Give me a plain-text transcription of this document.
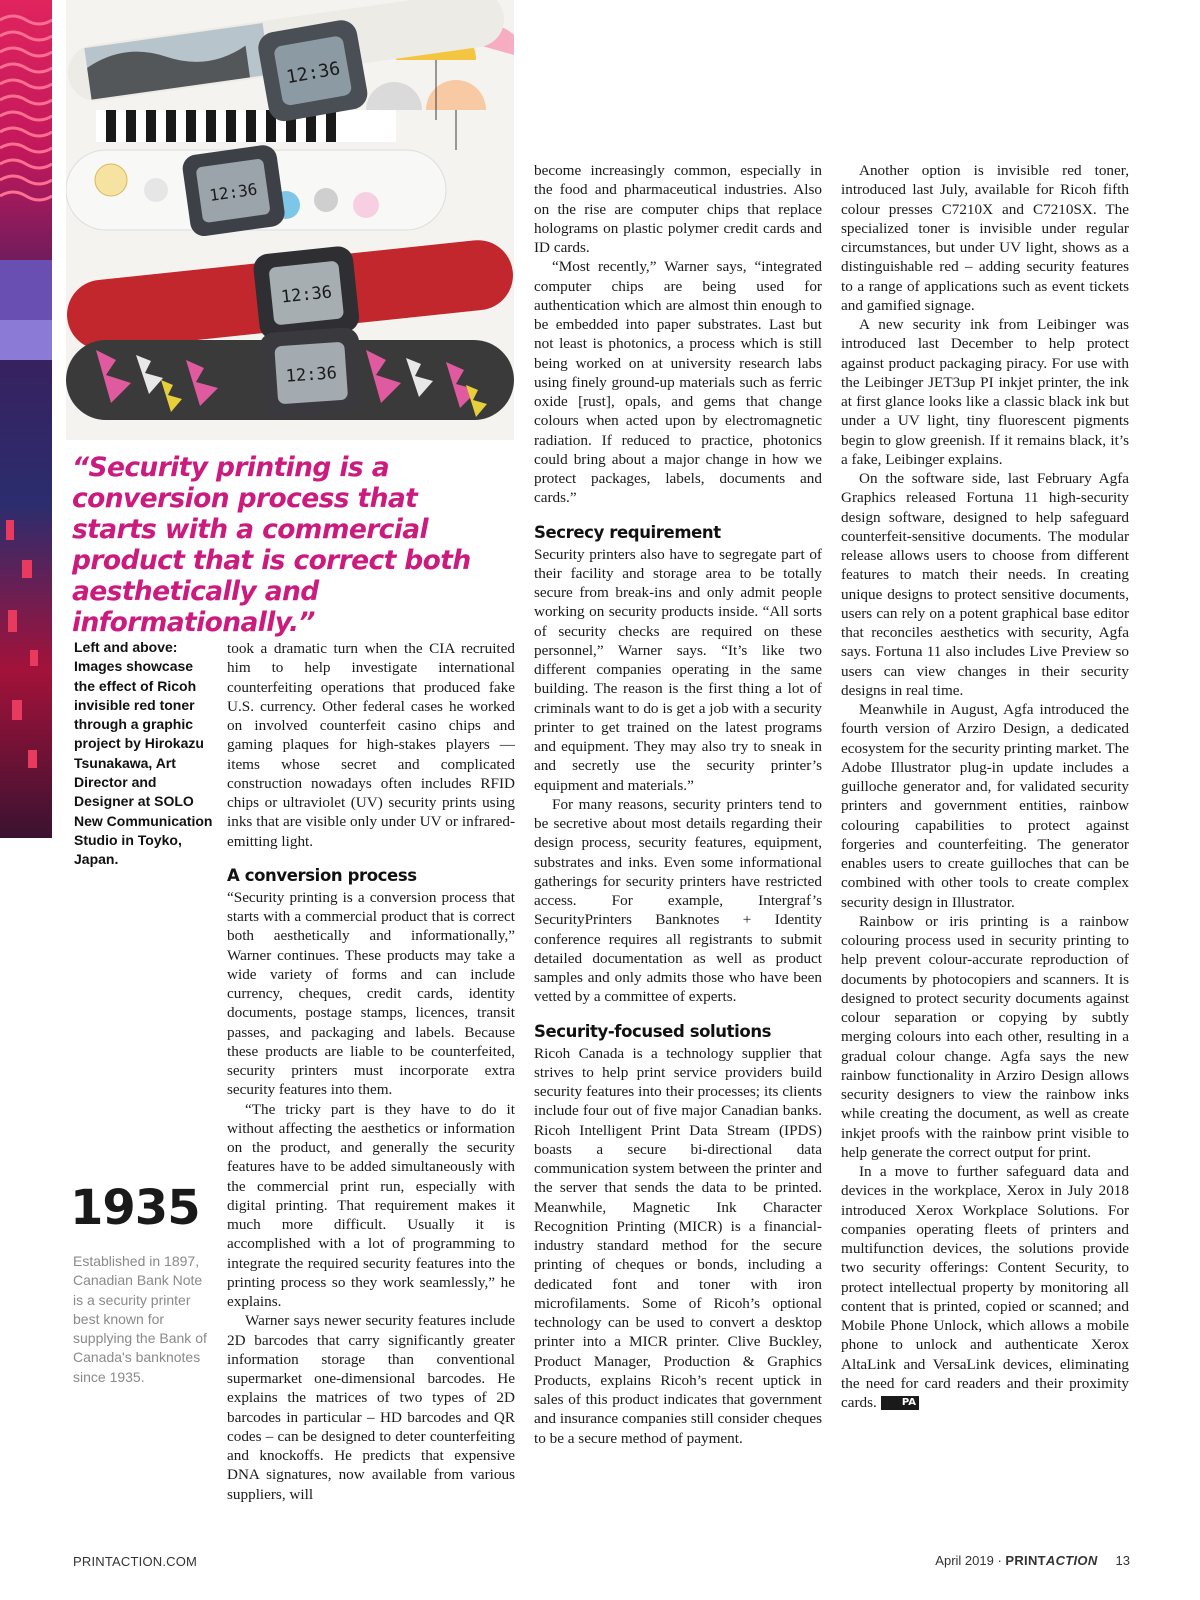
12:36
12:36
12:36
12:36
“Security printing is a conversion process that starts with a commercial product that is correct both aesthetically and informationally.”
Left and above: Images showcase the effect of Ricoh invisible red toner through a graphic project by Hirokazu Tsunakawa, Art Director and Designer at SOLO New Communication Studio in Toyko, Japan.
1935
Established in 1897, Canadian Bank Note is a security printer best known for supplying the Bank of Canada's banknotes since 1935.

took a dramatic turn when the CIA recruited him to help investigate international counterfeiting operations that produced fake U.S. currency. Other federal cases he worked on involved counterfeit casino chips and gaming plaques for high-stakes players — items whose secret and complicated construction nowadays often includes RFID chips or ultraviolet (UV) security prints using inks that are visible only under UV or infrared-emitting light.

A conversion process

“Security printing is a conversion process that starts with a commercial product that is correct both aesthetically and informationally,” Warner continues. These products may take a wide variety of forms and can include currency, cheques, credit cards, identity documents, postage stamps, licences, transit passes, and packaging and labels. Because these products are liable to be counterfeited, security printers must incorporate extra security features into them.

“The tricky part is they have to do it without affecting the aesthetics or information on the product, and generally the security features have to be added simultaneously with the commercial print run, especially with digital printing. That requirement makes it much more difficult. Usually it is accomplished with a lot of programming to integrate the required security features into the printing process so they work seamlessly,” he explains.

Warner says newer security features include 2D barcodes that carry significantly greater information storage than conventional supermarket one-dimensional barcodes. He explains the matrices of two types of 2D barcodes in particular – HD barcodes and QR codes – can be designed to deter counterfeiting and knockoffs. He predicts that expensive DNA signatures, now available from various suppliers, will

become increasingly common, especially in the food and pharmaceutical industries. Also on the rise are computer chips that replace holograms on plastic polymer credit cards and ID cards.

“Most recently,” Warner says, “integrated computer chips are being used for authentication which are almost thin enough to be embedded into paper substrates. Last but not least is photonics, a process which is still being worked on at university research labs using finely ground-up materials such as ferric oxide [rust], opals, and gems that change colours when acted upon by electromagnetic radiation. If reduced to practice, photonics could bring about a major change in how we protect packages, labels, documents and cards.”

Secrecy requirement

Security printers also have to segregate part of their facility and storage area to be totally secure from break-ins and only admit people working on security products inside. “All sorts of security checks are required on these personnel,” Warner says. “It’s like two different companies operating in the same building. The reason is the first thing a lot of criminals want to do is get a job with a security printer to get trained on the latest programs and equipment. They may also try to sneak in and secretly use the security printer’s equipment and materials.”

For many reasons, security printers tend to be secretive about most details regarding their design process, security features, equipment, substrates and inks. Even some informational gatherings for security printers have restricted access. For example, Intergraf’s SecurityPrinters Banknotes + Identity conference requires all registrants to submit detailed documentation as well as product samples and only admits those who have been vetted by a committee of experts.

Security-focused solutions

Ricoh Canada is a technology supplier that strives to help print service providers build security features into their processes; its clients include four out of five major Canadian banks. Ricoh Intelligent Print Data Stream (IPDS) boasts a secure bi-directional data communication system between the printer and the server that sends the data to be printed. Meanwhile, Magnetic Ink Character Recognition Printing (MICR) is a financial-industry standard method for the secure printing of cheques or bonds, including a dedicated font and toner with iron microfilaments. Some of Ricoh’s optional technology can be used to convert a desktop printer into a MICR printer. Clive Buckley, Product Manager, Production & Graphics Products, explains Ricoh’s recent uptick in sales of this product indicates that government and insurance companies still consider cheques to be a secure method of payment.

Another option is invisible red toner, introduced last July, available for Ricoh fifth colour presses C7210X and C7210SX. The specialized toner is invisible under regular circumstances, but under UV light, shows as a distinguishable red – adding security features to a range of applications such as event tickets and gamified signage.

A new security ink from Leibinger was introduced last December to help protect against product packaging piracy. For use with the Leibinger JET3up PI inkjet printer, the ink at first glance looks like a classic black ink but under a UV light, tiny fluorescent pigments begin to glow greenish. If it remains black, it’s a fake, Leibinger explains.

On the software side, last February Agfa Graphics released Fortuna 11 high-security design software, designed to help safeguard counterfeit-sensitive documents. The modular release allows users to choose from different features to match their needs. In creating unique designs to protect sensitive documents, users can rely on a potent graphical base editor that reconciles aesthetics with security, Agfa says. Fortuna 11 also includes Live Preview so users can view changes in their security designs in real time.

Meanwhile in August, Agfa introduced the fourth version of Arziro Design, a dedicated ecosystem for the security printing market. The Adobe Illustrator plug-in update includes a guilloche generator and, for validated security printers and government entities, rainbow colouring capabilities to protect against forgeries and counterfeiting. The generator enables users to create guilloches that can be combined with other tools to create complex security design in Illustrator.

Rainbow or iris printing is a rainbow colouring process used in security printing to help prevent colour-accurate reproduction of documents by photocopiers and scanners. It is designed to protect security documents against colour separation or copying by subtly merging colours into each other, resulting in a gradual colour change. Agfa says the new rainbow functionality in Arziro Design allows security designers to view the rainbow inks while creating the document, as well as create inkjet proofs with the rainbow print visible to help generate the correct output for print.

In a move to further safeguard data and devices in the workplace, Xerox in July 2018 introduced Xerox Workplace Solutions. For companies operating fleets of printers and multifunction devices, the solutions provide two security offerings: Content Security, to protect intellectual property by monitoring all content that is printed, copied or scanned; and Mobile Phone Unlock, which allows a mobile phone to unlock and authenticate Xerox AltaLink and VersaLink devices, eliminating the need for card readers and their proximity cards.	PA

PRINTACTION.COM	April 2019 · PRINTACTION 13
